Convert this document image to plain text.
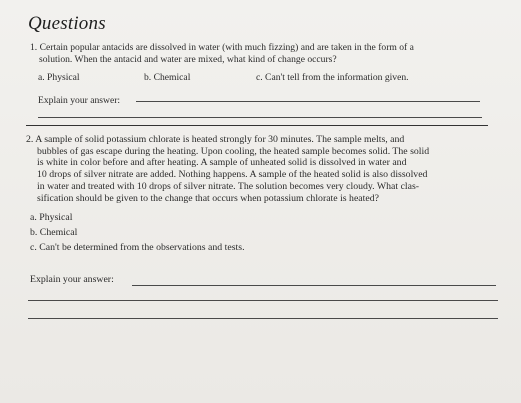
Questions
1. Certain popular antacids are dissolved in water (with much fizzing) and are taken in the form of a
solution. When the antacid and water are mixed, what kind of change occurs?
a. Physical	b. Chemical	c. Can't tell from the information given.
Explain your answer:
2. A sample of solid potassium chlorate is heated strongly for 30 minutes. The sample melts, and
bubbles of gas escape during the heating. Upon cooling, the heated sample becomes solid. The solid
is white in color before and after heating. A sample of unheated solid is dissolved in water and
10 drops of silver nitrate are added. Nothing happens. A sample of the heated solid is also dissolved
in water and treated with 10 drops of silver nitrate. The solution becomes very cloudy. What clas-
sification should be given to the change that occurs when potassium chlorate is heated?
a. Physical
b. Chemical
c. Can't be determined from the observations and tests.
Explain your answer:
